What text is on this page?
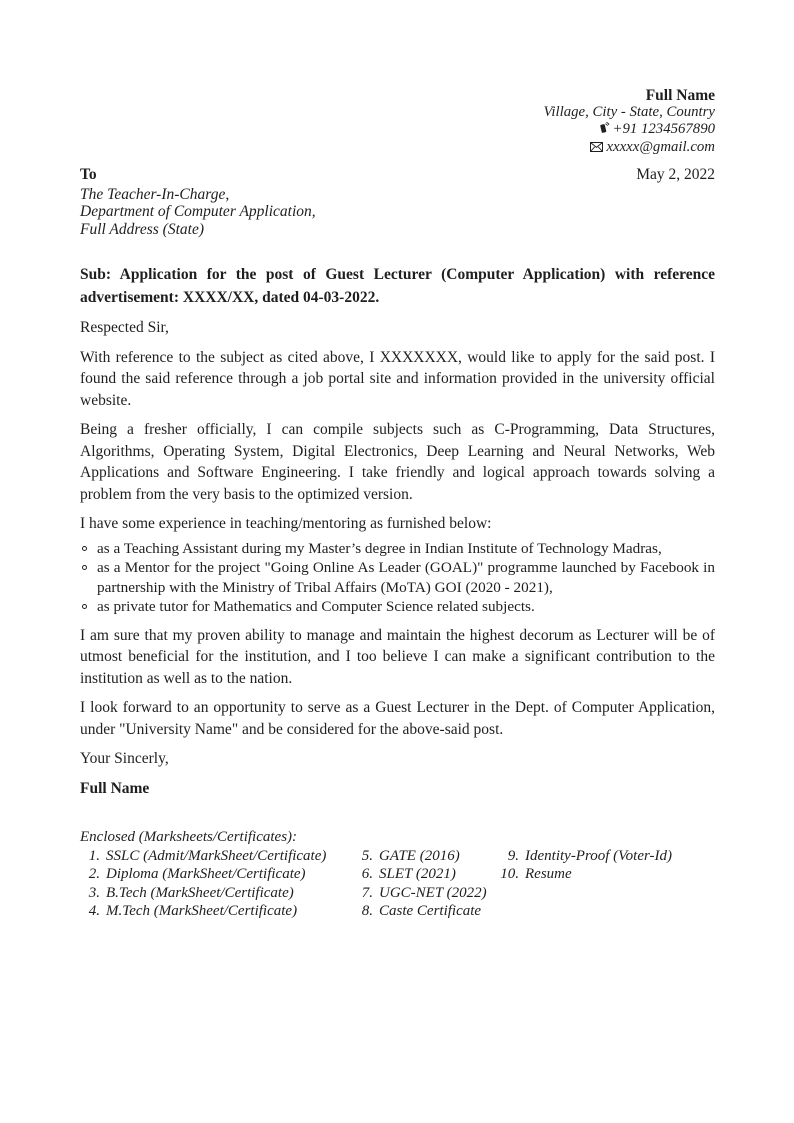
Full Name
Village, City - State, Country
+91 1234567890
xxxxx@gmail.com
To	May 2, 2022
The Teacher-In-Charge,
Department of Computer Application,
Full Address (State)

Sub: Application for the post of Guest Lecturer (Computer Application) with reference advertisement: XXXX/XX, dated 04-03-2022.

Respected Sir,

With reference to the subject as cited above, I XXXXXXX, would like to apply for the said post. I found the said reference through a job portal site and information provided in the university official website.

Being a fresher officially, I can compile subjects such as C-Programming, Data Structures, Algorithms, Operating System, Digital Electronics, Deep Learning and Neural Networks, Web Applications and Software Engineering. I take friendly and logical approach towards solving a problem from the very basis to the optimized version.

I have some experience in teaching/mentoring as furnished below:

as a Teaching Assistant during my Master’s degree in Indian Institute of Technology Madras,
as a Mentor for the project "Going Online As Leader (GOAL)" programme launched by Facebook in partnership with the Ministry of Tribal Affairs (MoTA) GOI (2020 - 2021),
as private tutor for Mathematics and Computer Science related subjects.

I am sure that my proven ability to manage and maintain the highest decorum as Lecturer will be of utmost beneficial for the institution, and I too believe I can make a significant contribution to the institution as well as to the nation.

I look forward to an opportunity to serve as a Guest Lecturer in the Dept. of Computer Application, under "University Name" and be considered for the above-said post.

Your Sincerly,

Full Name

Enclosed (Marksheets/Certificates):
1. SSLC (Admit/MarkSheet/Certificate)
2. Diploma (MarkSheet/Certificate)
3. B.Tech (MarkSheet/Certificate)
4. M.Tech (MarkSheet/Certificate)
5. GATE (2016)
6. SLET (2021)
7. UGC-NET (2022)
8. Caste Certificate
9. Identity-Proof (Voter-Id)
10. Resume
